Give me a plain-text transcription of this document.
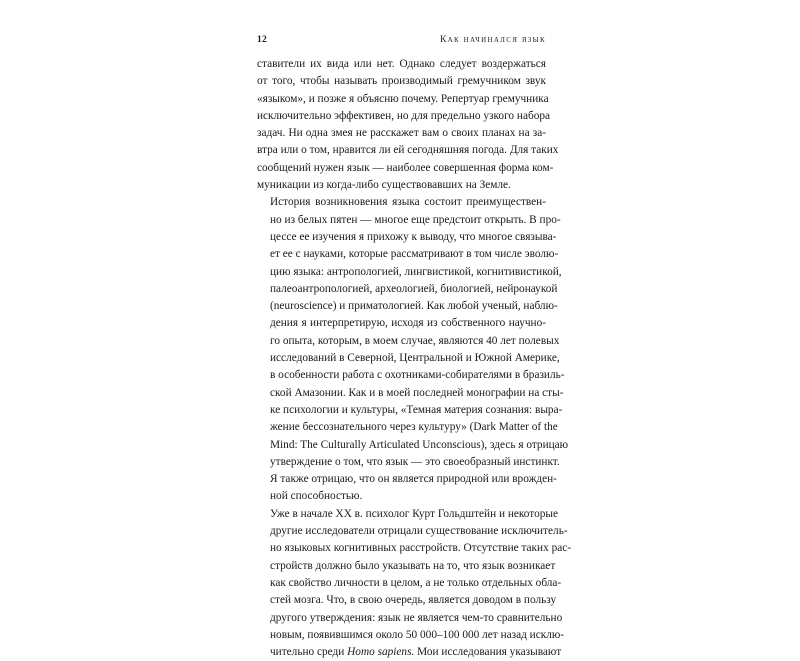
12	Как начинался язык

ставители их вида или нет. Однако следует воздержаться
от того, чтобы называть производимый гремучником звук
«языком», и позже я объясню почему. Репертуар гремучника
исключительно эффективен, но для предельно узкого набора
задач. Ни одна змея не расскажет вам о своих планах на за-
втра или о том, нравится ли ей сегодняшняя погода. Для таких
сообщений нужен язык — наиболее совершенная форма ком-
муникации из когда-либо существовавших на Земле.

История возникновения языка состоит преимуществен-
но из белых пятен — многое еще предстоит открыть. В про-
цессе ее изучения я прихожу к выводу, что многое связыва-
ет ее с науками, которые рассматривают в том числе эволю-
цию языка: антропологией, лингвистикой, когнитивистикой,
палеоантропологией, археологией, биологией, нейронаукой
(neuroscience) и приматологией. Как любой ученый, наблю-
дения я интерпретирую, исходя из собственного научно-
го опыта, которым, в моем случае, являются 40 лет полевых
исследований в Северной, Центральной и Южной Америке,
в особенности работа с охотниками-собирателями в бразиль-
ской Амазонии. Как и в моей последней монографии на сты-
ке психологии и культуры, «Темная материя сознания: выра-
жение бессознательного через культуру» (Dark Matter of the
Mind: The Culturally Articulated Unconscious), здесь я отрицаю
утверждение о том, что язык — это своеобразный инстинкт.
Я также отрицаю, что он является природной или врожден-
ной способностью.

Уже в начале XX в. психолог Курт Гольдштейн и некоторые
другие исследователи отрицали существование исключитель-
но языковых когнитивных расстройств. Отсутствие таких рас-
стройств должно было указывать на то, что язык возникает
как свойство личности в целом, а не только отдельных обла-
стей мозга. Что, в свою очередь, является доводом в пользу
другого утверждения: язык не является чем-то сравнительно
новым, появившимся около 50 000–100 000 лет назад исклю-
чительно среди Homo sapiens. Мои исследования указывают
